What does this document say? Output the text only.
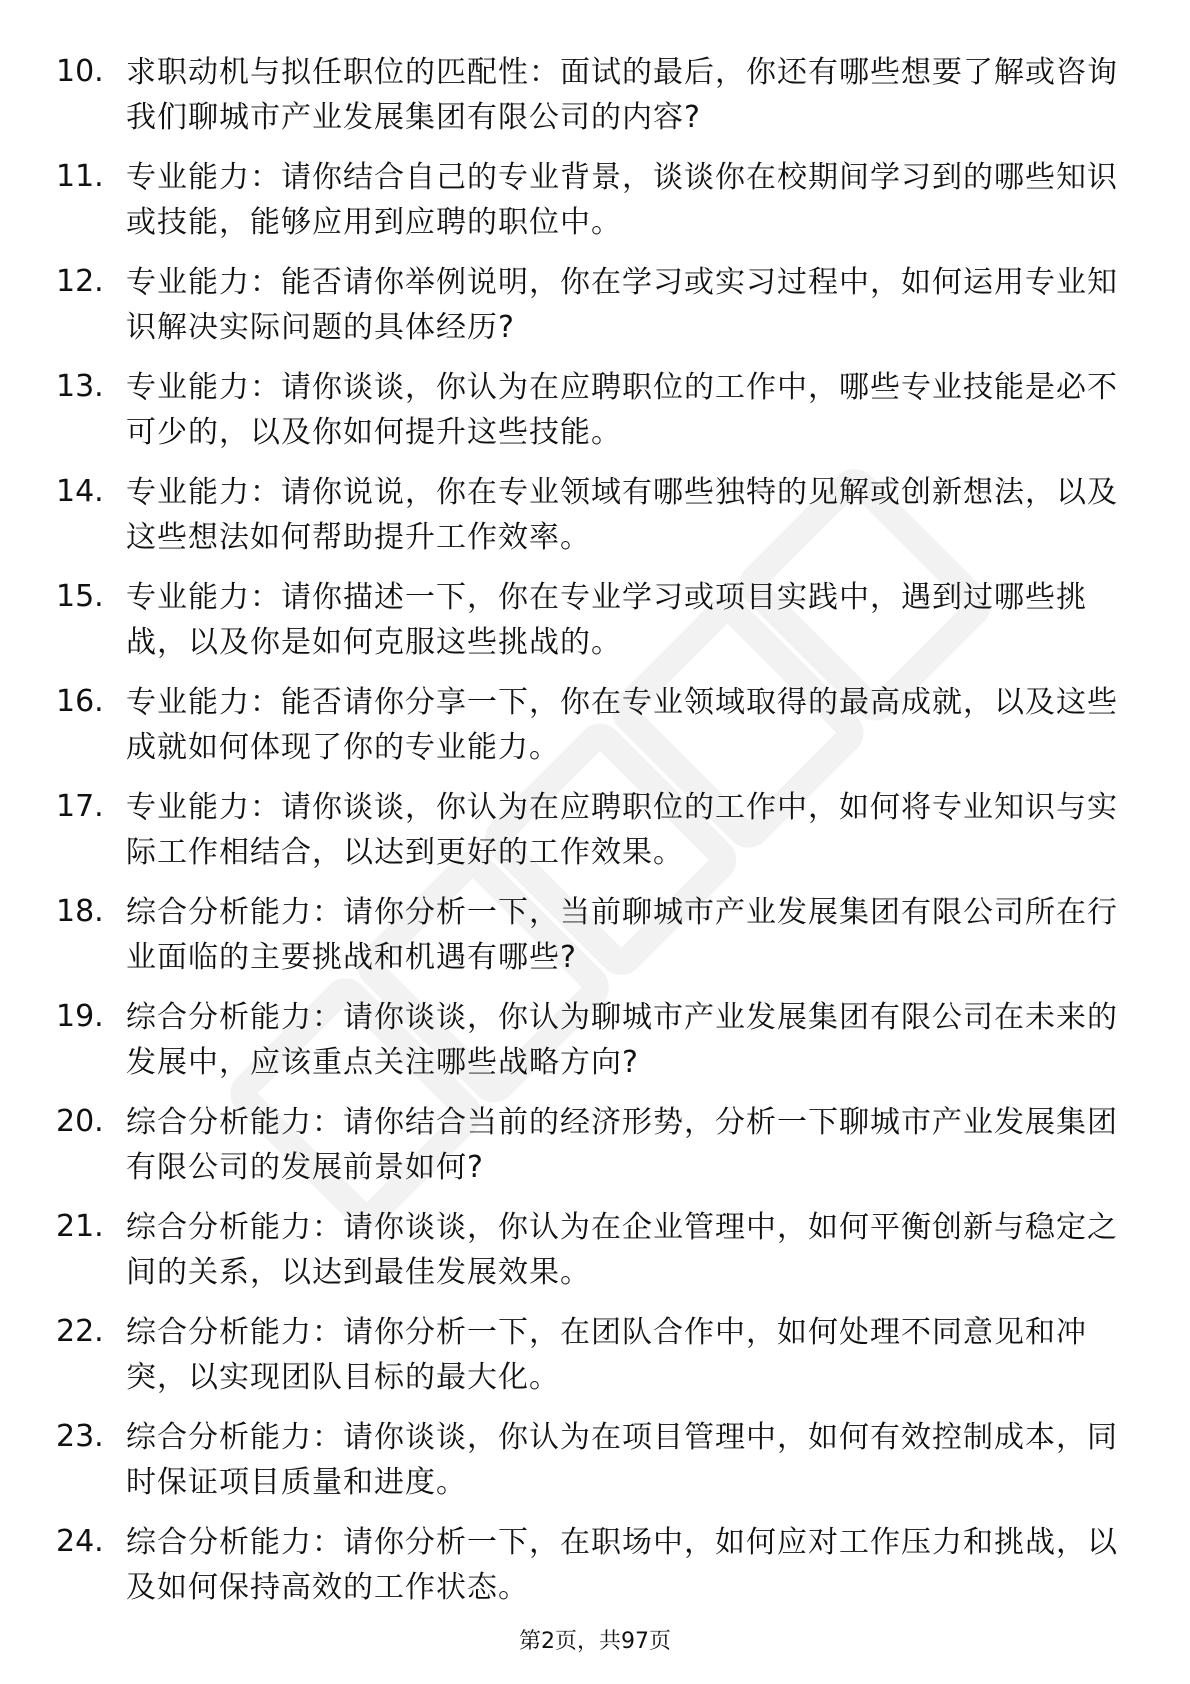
10. 求职动机与拟任职位的匹配性：面试的最后，你还有哪些想要了解或咨询我们聊城市产业发展集团有限公司的内容?
11. 专业能力：请你结合自己的专业背景，谈谈你在校期间学习到的哪些知识或技能，能够应用到应聘的职位中。
12. 专业能力：能否请你举例说明，你在学习或实习过程中，如何运用专业知识解决实际问题的具体经历?
13. 专业能力：请你谈谈，你认为在应聘职位的工作中，哪些专业技能是必不可少的，以及你如何提升这些技能。
14. 专业能力：请你说说，你在专业领域有哪些独特的见解或创新想法，以及这些想法如何帮助提升工作效率。
15. 专业能力：请你描述一下，你在专业学习或项目实践中，遇到过哪些挑战，以及你是如何克服这些挑战的。
16. 专业能力：能否请你分享一下，你在专业领域取得的最高成就，以及这些成就如何体现了你的专业能力。
17. 专业能力：请你谈谈，你认为在应聘职位的工作中，如何将专业知识与实际工作相结合，以达到更好的工作效果。
18. 综合分析能力：请你分析一下，当前聊城市产业发展集团有限公司所在行业面临的主要挑战和机遇有哪些?
19. 综合分析能力：请你谈谈，你认为聊城市产业发展集团有限公司在未来的发展中，应该重点关注哪些战略方向?
20. 综合分析能力：请你结合当前的经济形势，分析一下聊城市产业发展集团有限公司的发展前景如何?
21. 综合分析能力：请你谈谈，你认为在企业管理中，如何平衡创新与稳定之间的关系，以达到最佳发展效果。
22. 综合分析能力：请你分析一下，在团队合作中，如何处理不同意见和冲突，以实现团队目标的最大化。
23. 综合分析能力：请你谈谈，你认为在项目管理中，如何有效控制成本，同时保证项目质量和进度。
24. 综合分析能力：请你分析一下，在职场中，如何应对工作压力和挑战，以及如何保持高效的工作状态。
第2页，共97页
